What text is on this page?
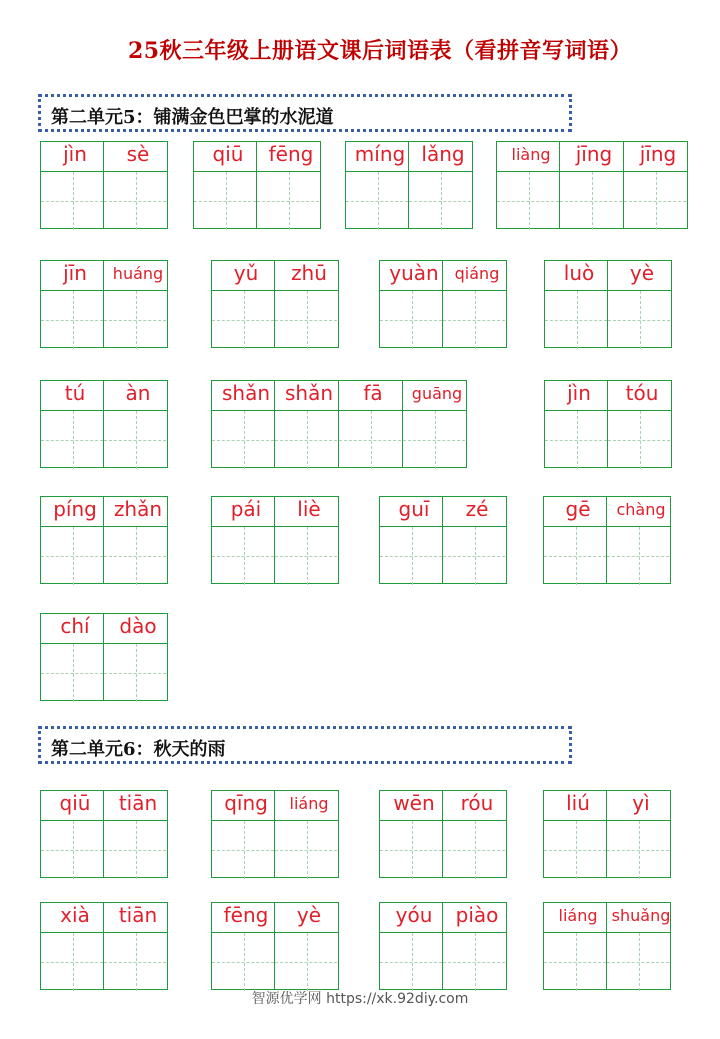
25秋三年级上册语文课后词语表（看拼音写词语）
第二单元5：铺满金色巴掌的水泥道
第二单元6：秋天的雨
jìn	sè	qiū	fēng	míng lǎng	liàng	jīng	jīng
jīn	huáng	yǔ	zhū	yuàn qiáng	luò	yè
tú	àn	shǎn shǎn	fā	guāng	jìn	tóu
píng zhǎn	pái	liè	guī	zé	gē	chàng
chí	dào
qiū	tiān	qīng	liáng	wēn	róu	liú	yì
xià	tiān	fēng	yè	yóu	piào	liáng shuǎng
智源优学网 https://xk.92diy.com
